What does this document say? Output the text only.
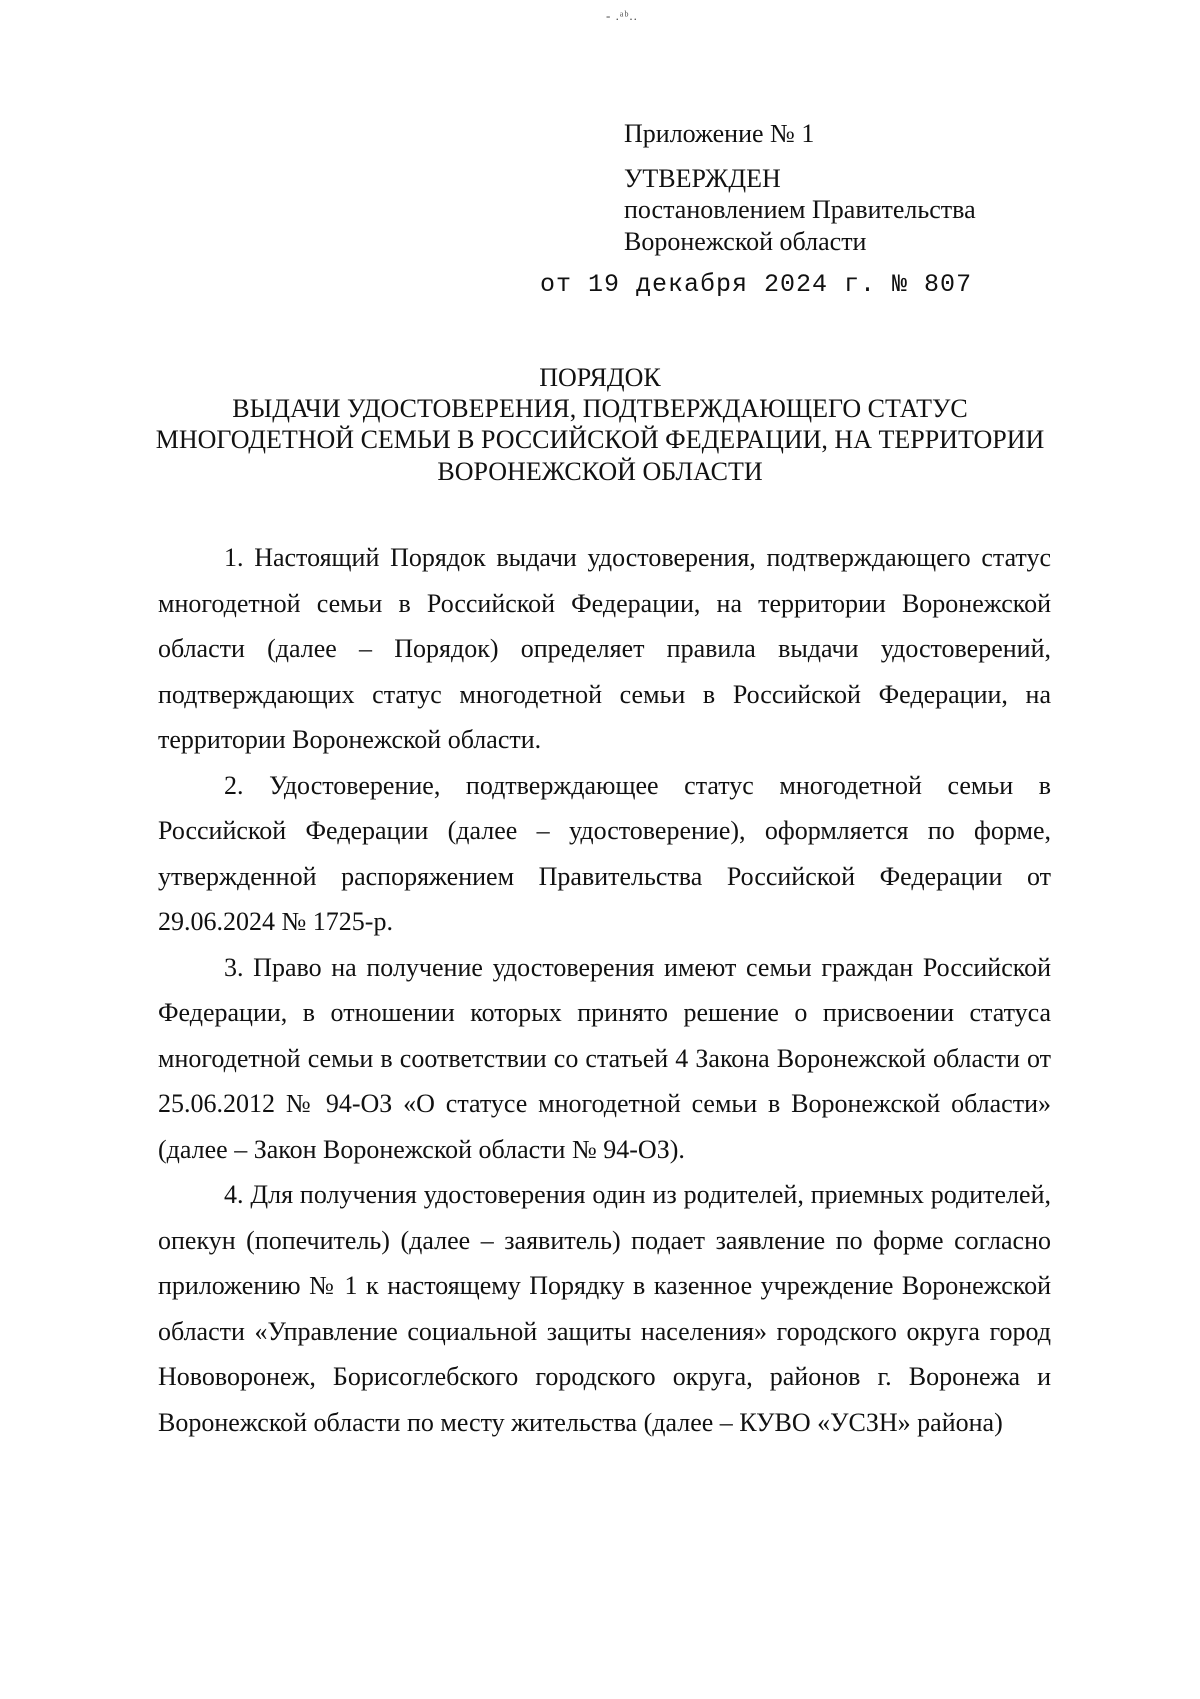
- .ᵃᵇ..
Приложение № 1
УТВЕРЖДЕН
постановлением Правительства
Воронежской области
от 19 декабря 2024 г. № 807
ПОРЯДОК
ВЫДАЧИ УДОСТОВЕРЕНИЯ, ПОДТВЕРЖДАЮЩЕГО СТАТУС
МНОГОДЕТНОЙ СЕМЬИ В РОССИЙСКОЙ ФЕДЕРАЦИИ, НА ТЕРРИТОРИИ
ВОРОНЕЖСКОЙ ОБЛАСТИ

1. Настоящий Порядок выдачи удостоверения, подтверждающего статус многодетной семьи в Российской Федерации, на территории Воронежской области (далее – Порядок) определяет правила выдачи удостоверений, подтверждающих статус многодетной семьи в Российской Федерации, на территории Воронежской области.

2. Удостоверение, подтверждающее статус многодетной семьи в Российской Федерации (далее – удостоверение), оформляется по форме, утвержденной распоряжением Правительства Российской Федерации от 29.06.2024 № 1725-р.

3. Право на получение удостоверения имеют семьи граждан Российской Федерации, в отношении которых принято решение о присвоении статуса многодетной семьи в соответствии со статьей 4 Закона Воронежской области от 25.06.2012 № 94-ОЗ «О статусе многодетной семьи в Воронежской области» (далее – Закон Воронежской области № 94-ОЗ).

4. Для получения удостоверения один из родителей, приемных родителей, опекун (попечитель) (далее – заявитель) подает заявление по форме согласно приложению № 1 к настоящему Порядку в казенное учреждение Воронежской области «Управление социальной защиты населения» городского округа город Нововоронеж, Борисоглебского городского округа, районов г. Воронежа и Воронежской области по месту жительства (далее – КУВО «УСЗН» района)
